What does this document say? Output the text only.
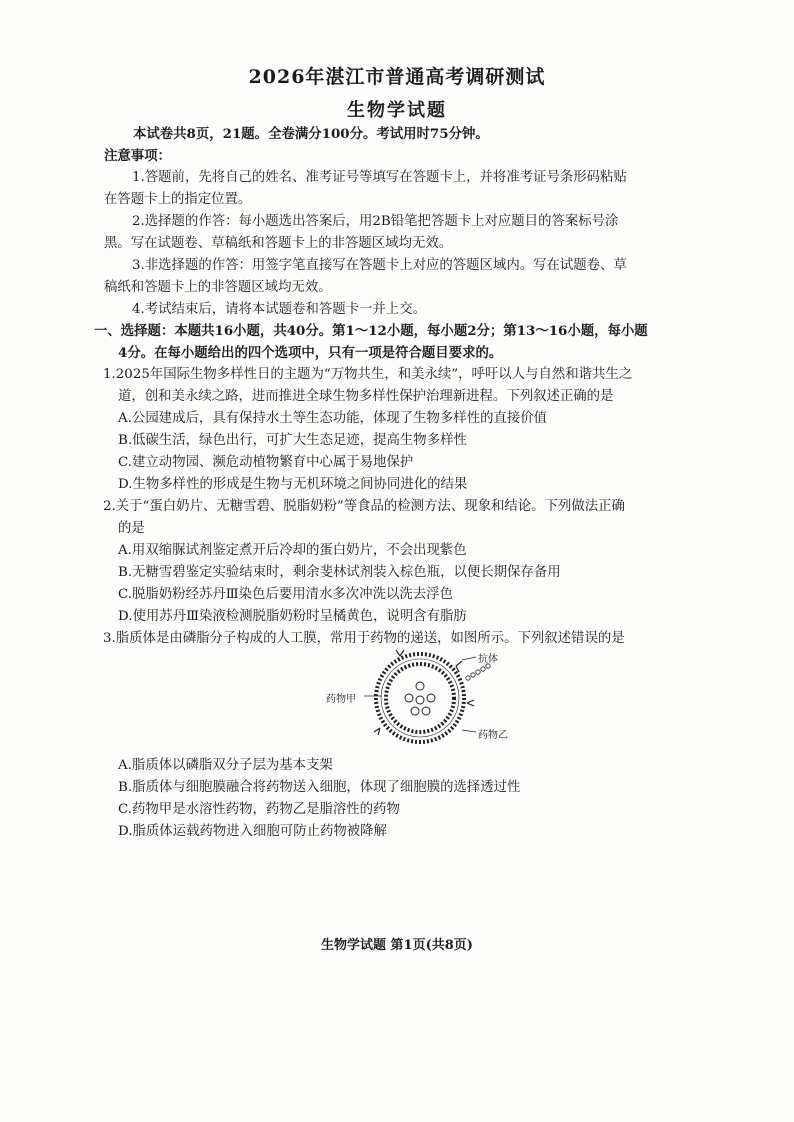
2026年湛江市普通高考调研测试
生物学试题
本试卷共8页，21题。全卷满分100分。考试用时75分钟。
注意事项：
1.答题前，先将自己的姓名、准考证号等填写在答题卡上，并将准考证号条形码粘贴
在答题卡上的指定位置。
2.选择题的作答：每小题选出答案后，用2B铅笔把答题卡上对应题目的答案标号涂
黑。写在试题卷、草稿纸和答题卡上的非答题区域均无效。
3.非选择题的作答：用签字笔直接写在答题卡上对应的答题区域内。写在试题卷、草
稿纸和答题卡上的非答题区域均无效。
4.考试结束后，请将本试题卷和答题卡一并上交。
一、选择题：本题共16小题，共40分。第1～12小题，每小题2分；第13～16小题，每小题
4分。在每小题给出的四个选项中，只有一项是符合题目要求的。
1.2025年国际生物多样性日的主题为“万物共生，和美永续”，呼吁以人与自然和谐共生之
道，创和美永续之路，进而推进全球生物多样性保护治理新进程。下列叙述正确的是
A.公园建成后，具有保持水土等生态功能，体现了生物多样性的直接价值
B.低碳生活，绿色出行，可扩大生态足迹，提高生物多样性
C.建立动物园、濒危动植物繁育中心属于易地保护
D.生物多样性的形成是生物与无机环境之间协同进化的结果
2.关于“蛋白奶片、无糖雪碧、脱脂奶粉”等食品的检测方法、现象和结论。下列做法正确
的是
A.用双缩脲试剂鉴定煮开后冷却的蛋白奶片，不会出现紫色
B.无糖雪碧鉴定实验结束时，剩余斐林试剂装入棕色瓶，以便长期保存备用
C.脱脂奶粉经苏丹Ⅲ染色后要用清水多次冲洗以洗去浮色
D.使用苏丹Ⅲ染液检测脱脂奶粉时呈橘黄色，说明含有脂肪
3.脂质体是由磷脂分子构成的人工膜，常用于药物的递送，如图所示。下列叙述错误的是
抗体
药物甲
药物乙
A.脂质体以磷脂双分子层为基本支架
B.脂质体与细胞膜融合将药物送入细胞，体现了细胞膜的选择透过性
C.药物甲是水溶性药物，药物乙是脂溶性的药物
D.脂质体运载药物进入细胞可防止药物被降解
生物学试题 第1页(共8页)
